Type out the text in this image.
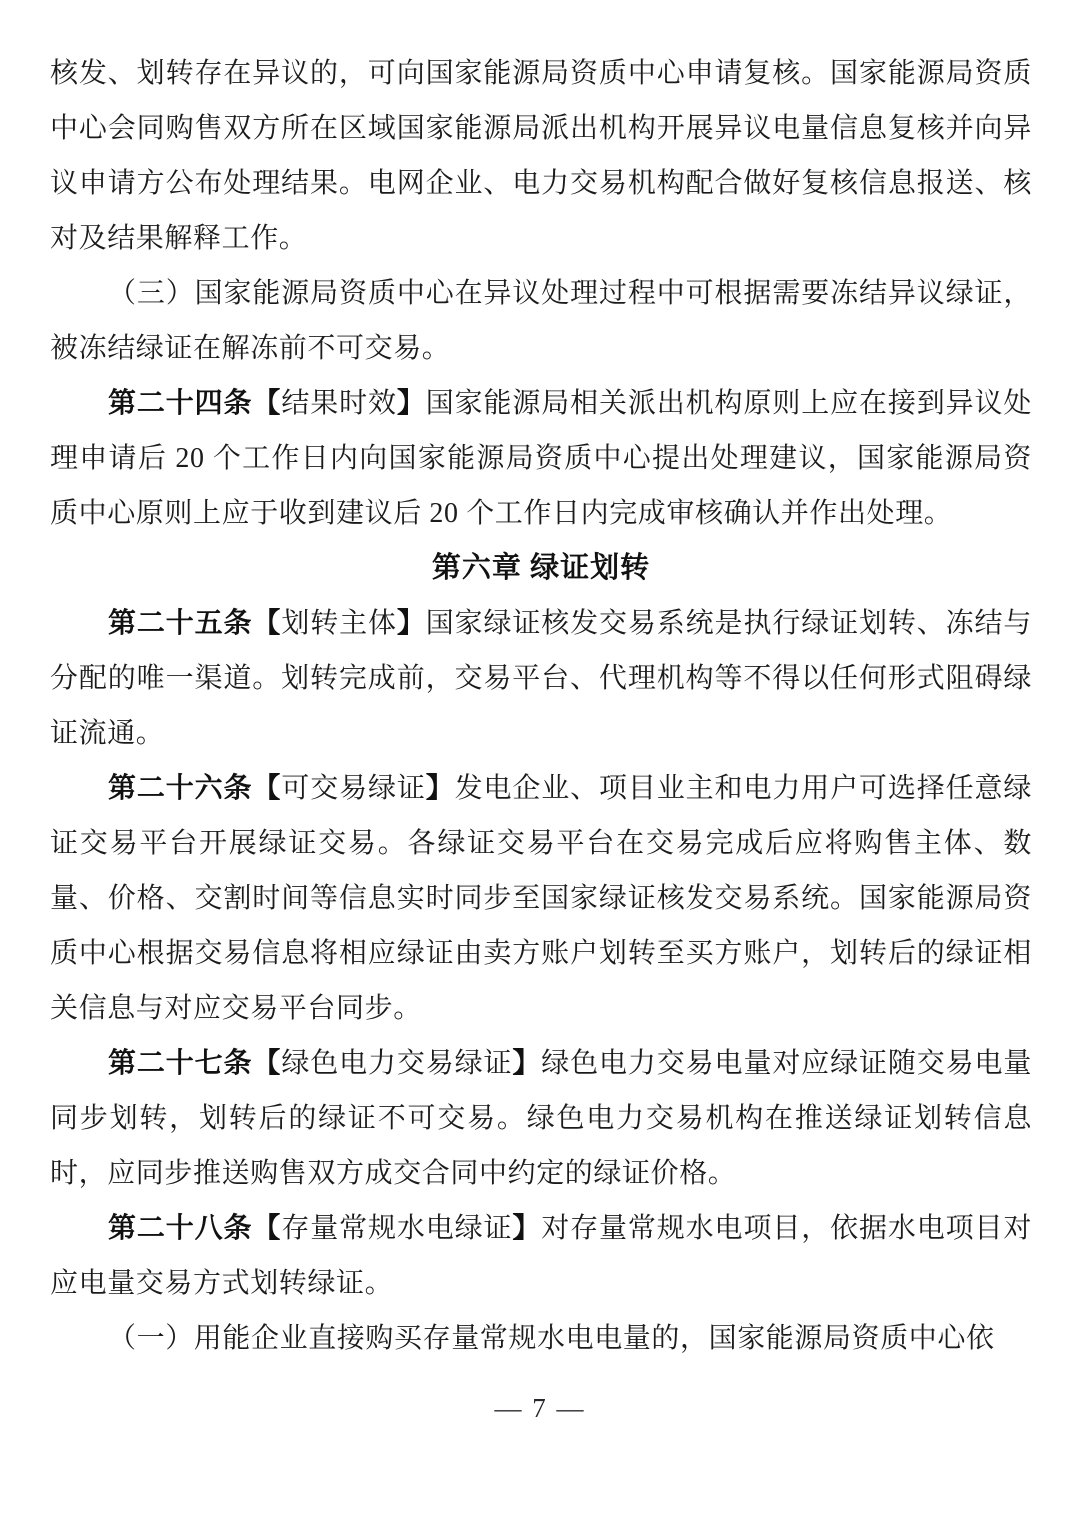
核发、划转存在异议的，可向国家能源局资质中心申请复核。国家能源局资质中心会同购售双方所在区域国家能源局派出机构开展异议电量信息复核并向异议申请方公布处理结果。电网企业、电力交易机构配合做好复核信息报送、核对及结果解释工作。

（三）国家能源局资质中心在异议处理过程中可根据需要冻结异议绿证，被冻结绿证在解冻前不可交易。

第二十四条【结果时效】国家能源局相关派出机构原则上应在接到异议处理申请后 20 个工作日内向国家能源局资质中心提出处理建议，国家能源局资质中心原则上应于收到建议后 20 个工作日内完成审核确认并作出处理。

第六章 绿证划转

第二十五条【划转主体】国家绿证核发交易系统是执行绿证划转、冻结与分配的唯一渠道。划转完成前，交易平台、代理机构等不得以任何形式阻碍绿证流通。

第二十六条【可交易绿证】发电企业、项目业主和电力用户可选择任意绿证交易平台开展绿证交易。各绿证交易平台在交易完成后应将购售主体、数量、价格、交割时间等信息实时同步至国家绿证核发交易系统。国家能源局资质中心根据交易信息将相应绿证由卖方账户划转至买方账户，划转后的绿证相关信息与对应交易平台同步。

第二十七条【绿色电力交易绿证】绿色电力交易电量对应绿证随交易电量同步划转，划转后的绿证不可交易。绿色电力交易机构在推送绿证划转信息时，应同步推送购售双方成交合同中约定的绿证价格。

第二十八条【存量常规水电绿证】对存量常规水电项目，依据水电项目对应电量交易方式划转绿证。

（一）用能企业直接购买存量常规水电电量的，国家能源局资质中心依

— 7 —
